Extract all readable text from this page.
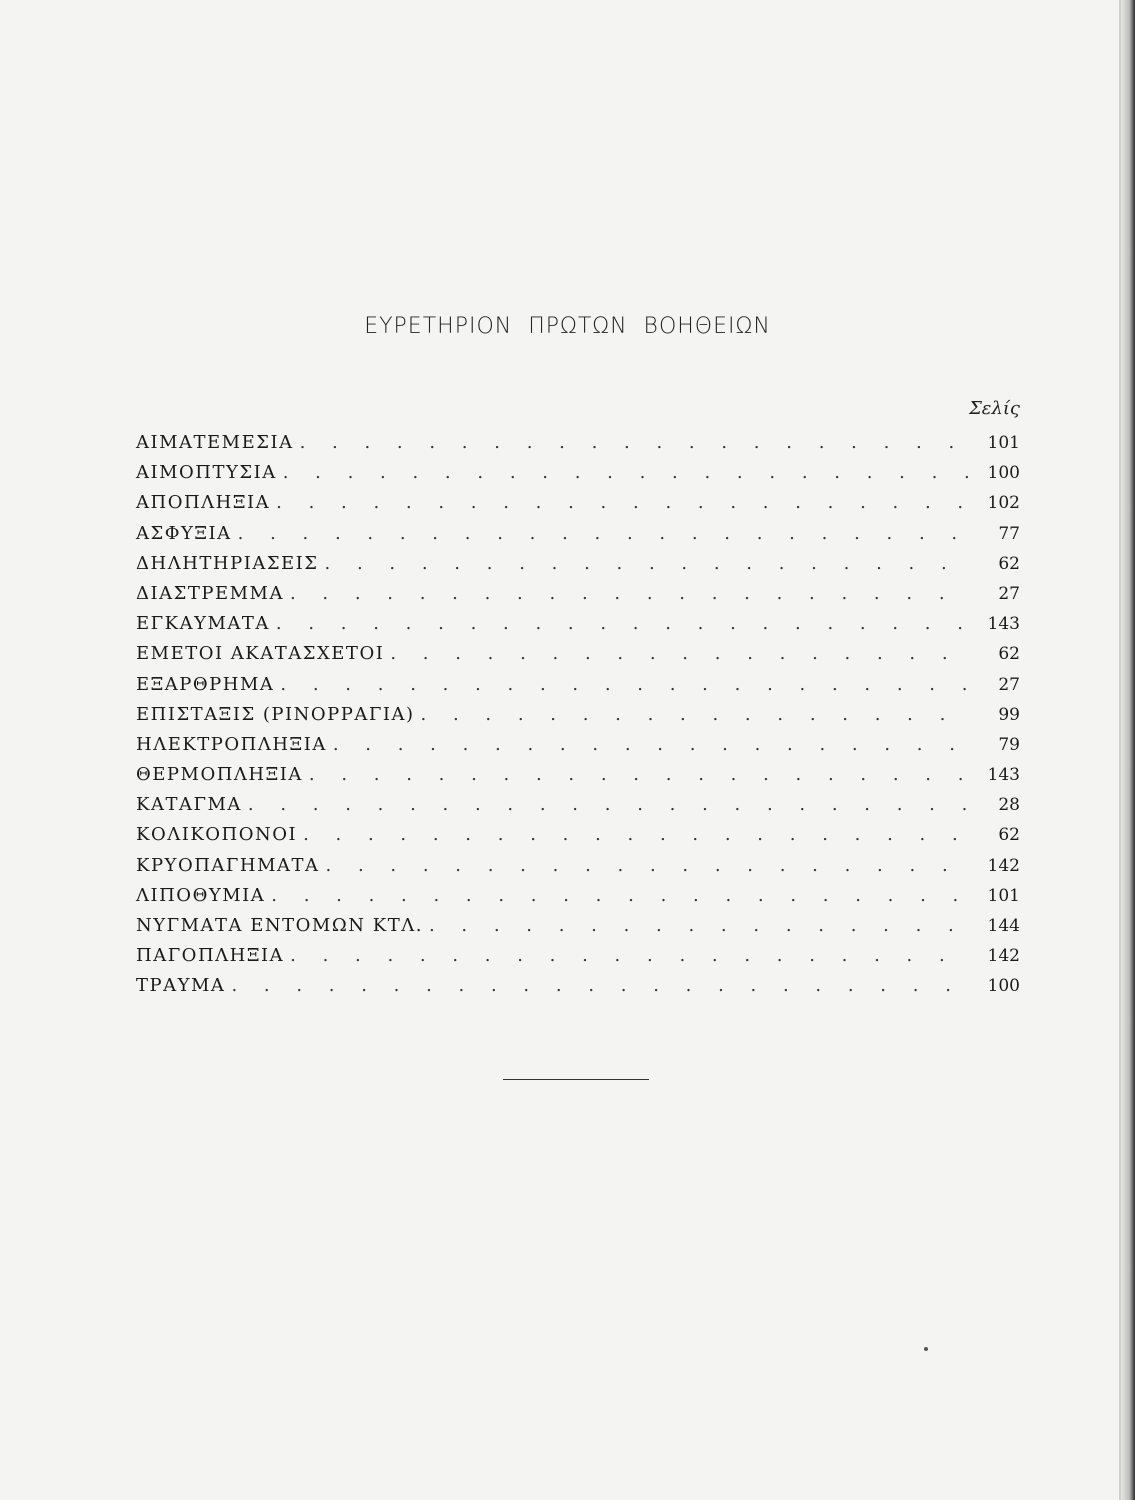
ΕΥΡΕΤΗΡΙΟΝ ΠΡΩΤΩΝ ΒΟΗΘΕΙΩΝ
Σελίς
ΑΙΜΑΤΕΜΕΣΙΑ . . .	101
ΑΙΜΟΠΤΥΣΙΑ . . .	100
ΑΠΟΠΛΗΞΙΑ . . .	102
ΑΣΦΥΞΙΑ . . .	77
ΔΗΛΗΤΗΡΙΑΣΕΙΣ . . .	62
ΔΙΑΣΤΡΕΜΜΑ . . .	27
ΕΓΚΑΥΜΑΤΑ . . .	143
ΕΜΕΤΟΙ ΑΚΑΤΑΣΧΕΤΟΙ . . .	62
ΕΞΑΡΘΡΗΜΑ . . .	27
ΕΠΙΣΤΑΞΙΣ (ΡΙΝΟΡΡΑΓΙΑ) . . .	99
ΗΛΕΚΤΡΟΠΛΗΞΙΑ . . .	79
ΘΕΡΜΟΠΛΗΞΙΑ . . .	143
ΚΑΤΑΓΜΑ . . .	28
ΚΟΛΙΚΟΠΟΝΟΙ . . .	62
ΚΡΥΟΠΑΓΗΜΑΤΑ . . .	142
ΛΙΠΟΘΥΜΙΑ . . .	101
ΝΥΓΜΑΤΑ ΕΝΤΟΜΩΝ ΚΤΛ. . . .	144
ΠΑΓΟΠΛΗΞΙΑ . . .	142
ΤΡΑΥΜΑ . . .	100
